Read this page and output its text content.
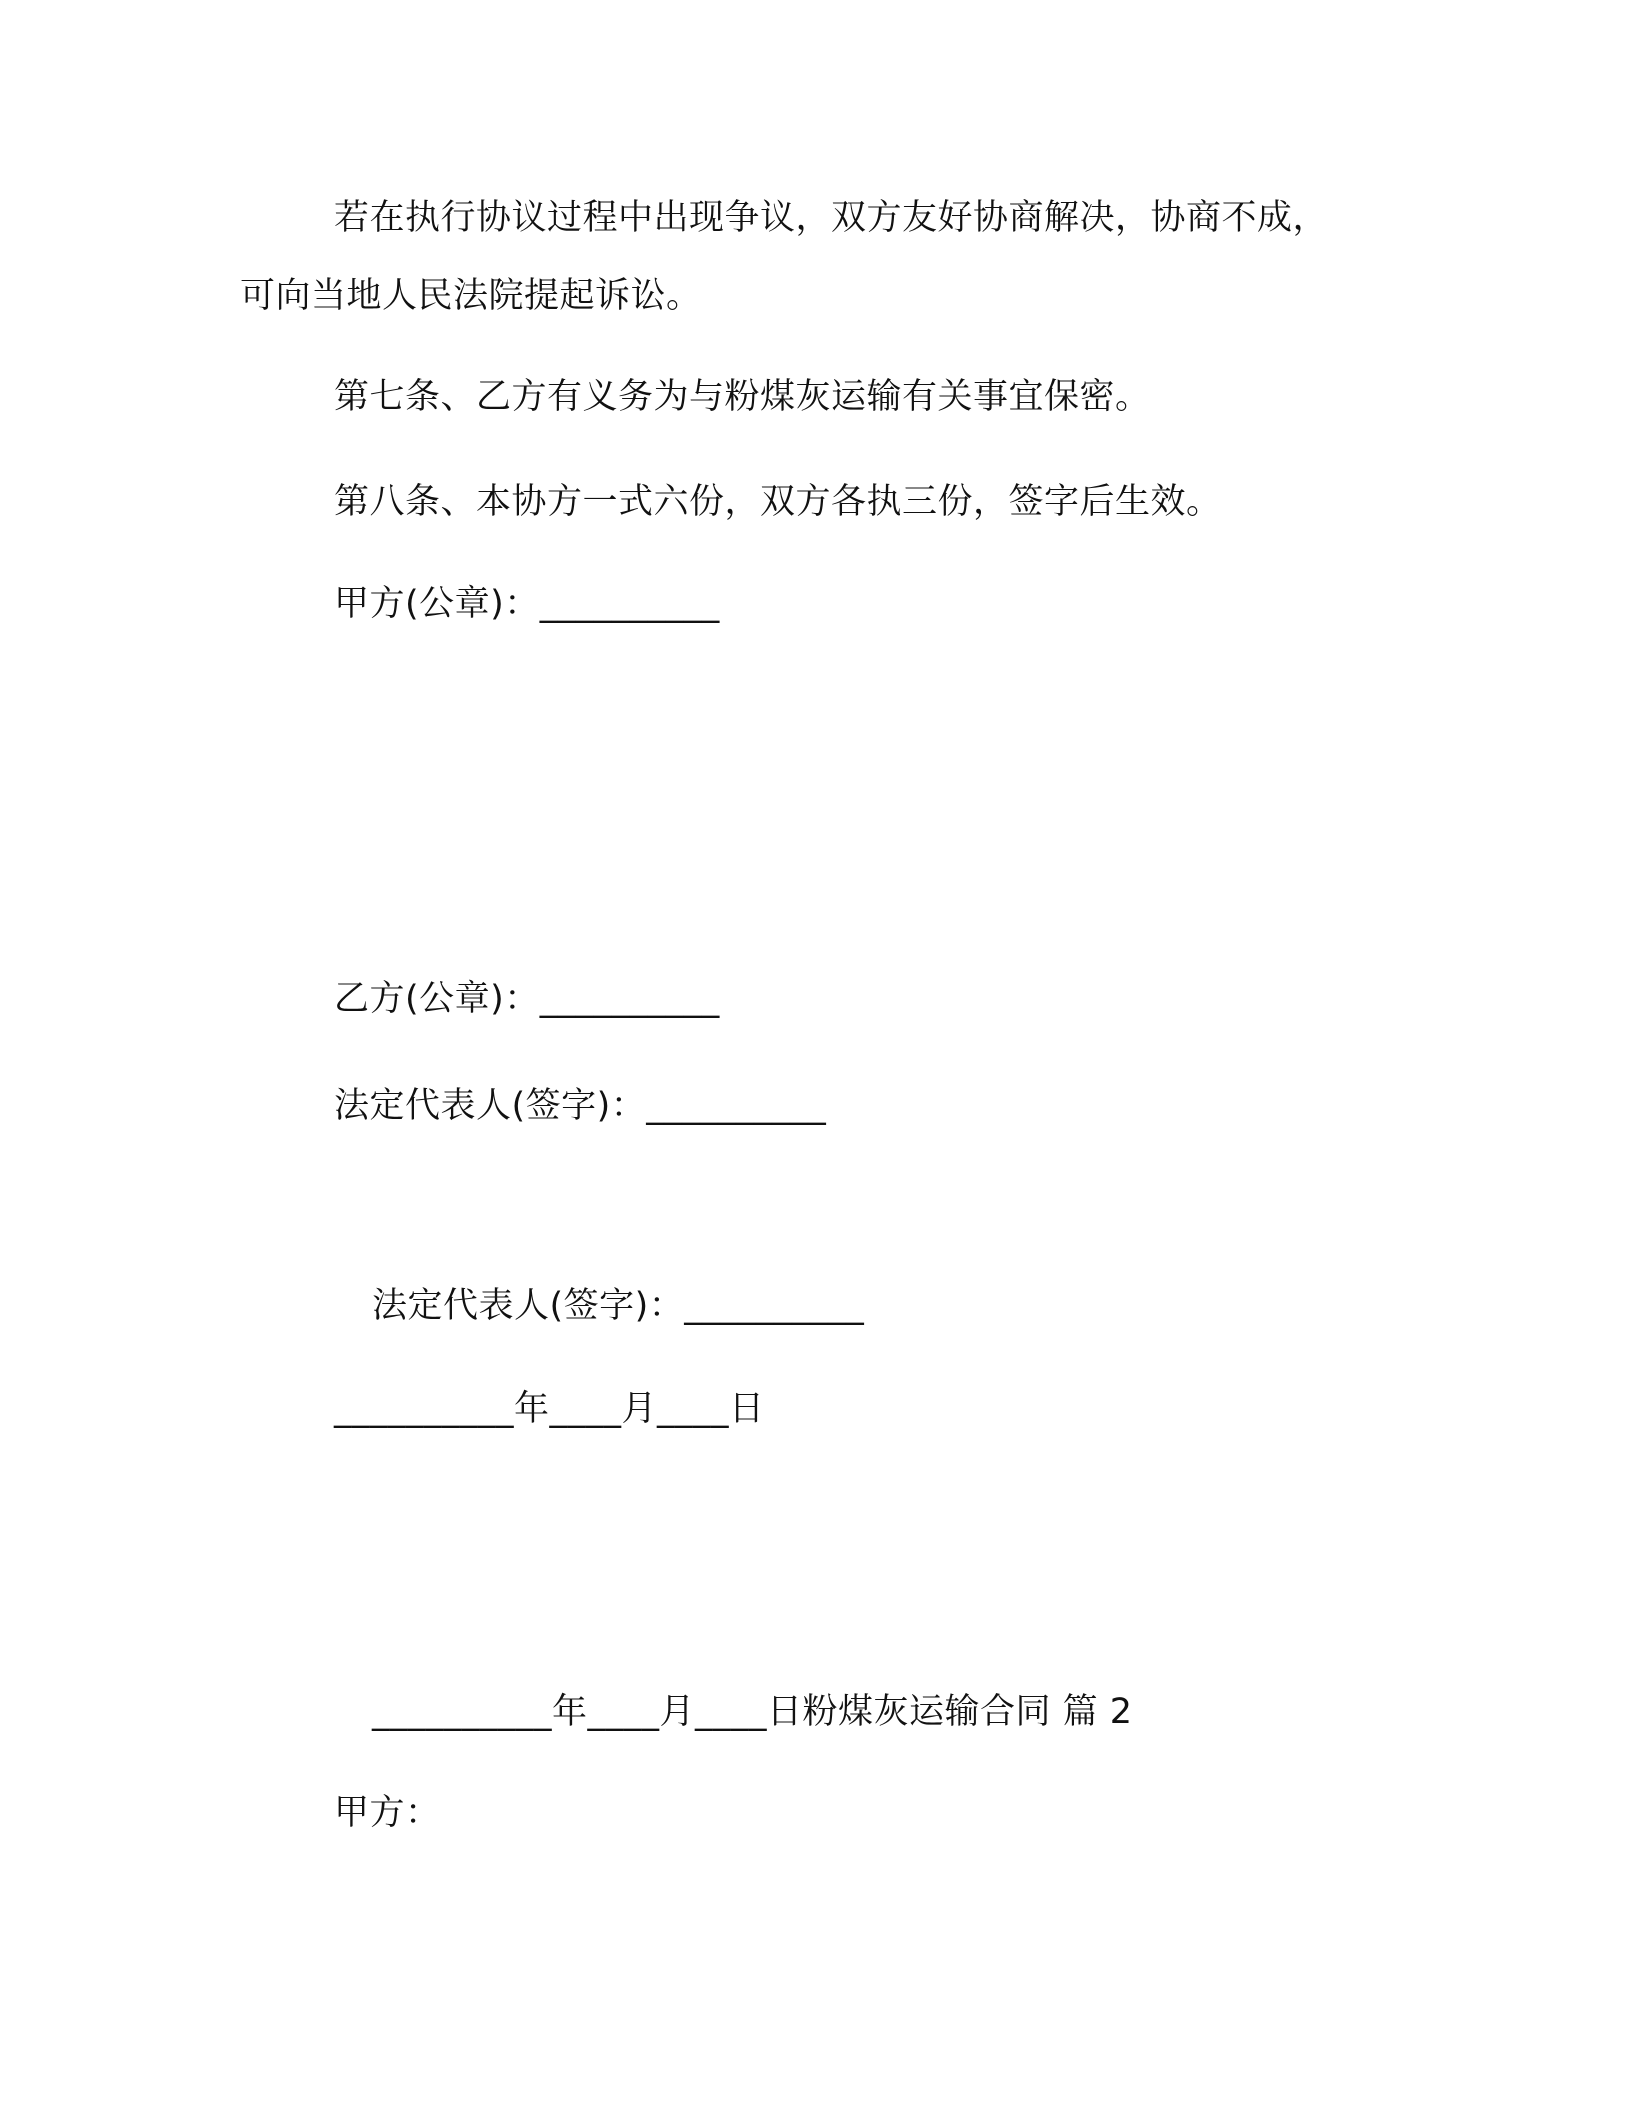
若在执行协议过程中出现争议，双方友好协商解决，协商不成，
可向当地人民法院提起诉讼。
第七条、乙方有义务为与粉煤灰运输有关事宜保密。
第八条、本协方一式六份，双方各执三份，签字后生效。
甲方(公章)：__________
乙方(公章)：__________
法定代表人(签字)：__________
法定代表人(签字)：__________
__________年____月____日
__________年____月____日粉煤灰运输合同 篇 2
甲方：
